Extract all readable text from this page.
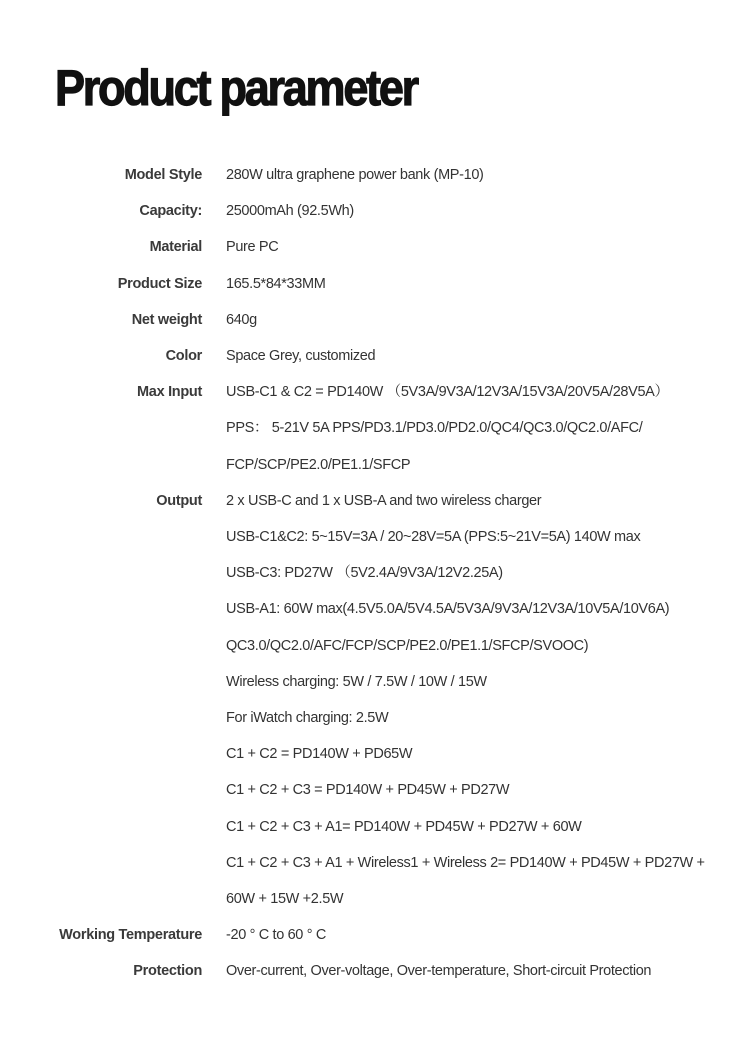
Product parameter
Model Style 280W ultra graphene power bank (MP-10)
Capacity: 25000mAh (92.5Wh)
Material Pure PC
Product Size 165.5*84*33MM
Net weight 640g
Color Space Grey, customized
Max Input USB-C1 & C2 = PD140W （5V3A/9V3A/12V3A/15V3A/20V5A/28V5A）
PPS： 5-21V 5A PPS/PD3.1/PD3.0/PD2.0/QC4/QC3.0/QC2.0/AFC/
FCP/SCP/PE2.0/PE1.1/SFCP
Output 2 x USB-C and 1 x USB-A and two wireless charger
USB-C1&C2: 5~15V=3A / 20~28V=5A (PPS:5~21V=5A) 140W max
USB-C3: PD27W （5V2.4A/9V3A/12V2.25A)
USB-A1: 60W max(4.5V5.0A/5V4.5A/5V3A/9V3A/12V3A/10V5A/10V6A)
QC3.0/QC2.0/AFC/FCP/SCP/PE2.0/PE1.1/SFCP/SVOOC)
Wireless charging: 5W / 7.5W / 10W / 15W
For iWatch charging: 2.5W
C1 + C2 = PD140W + PD65W
C1 + C2 + C3 = PD140W + PD45W + PD27W
C1 + C2 + C3 + A1= PD140W + PD45W + PD27W + 60W
C1 + C2 + C3 + A1 + Wireless1 + Wireless 2= PD140W + PD45W + PD27W +
60W + 15W +2.5W
Working Temperature -20 ° C to 60 ° C
Protection Over-current, Over-voltage, Over-temperature, Short-circuit Protection
